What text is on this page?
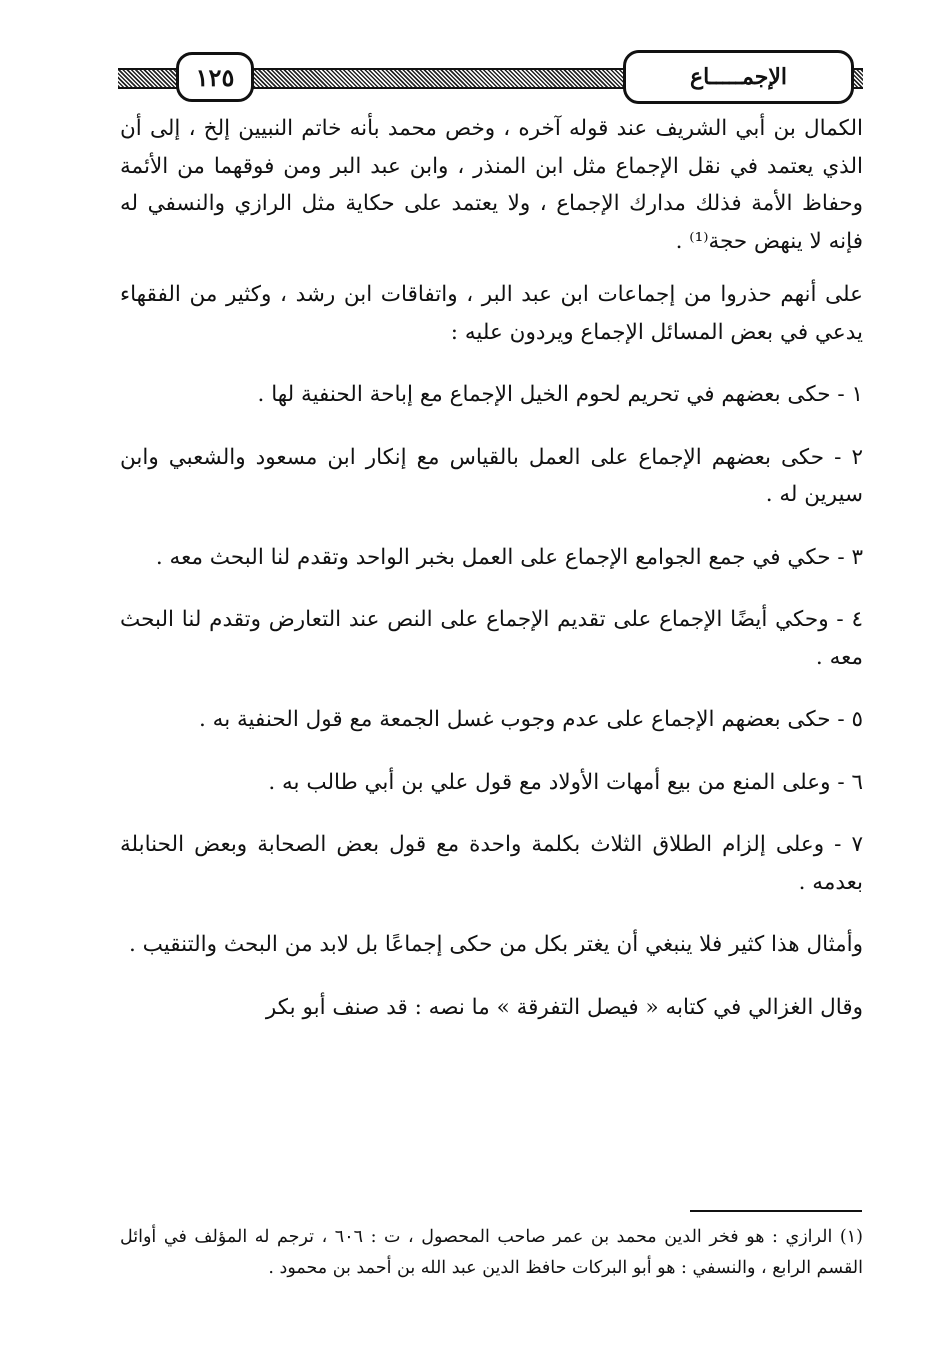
١٢٥	الإجمـــــاع

الكمال بن أبي الشريف عند قوله آخره ، وخص محمد بأنه خاتم النبيين إلخ ، إلى أن الذي يعتمد في نقل الإجماع مثل ابن المنذر ، وابن عبد البر ومن فوقهما من الأئمة وحفاظ الأمة فذلك مدارك الإجماع ، ولا يعتمد على حكاية مثل الرازي والنسفي له فإنه لا ينهض حجة⁽¹⁾ .

على أنهم حذروا من إجماعات ابن عبد البر ، واتفاقات ابن رشد ، وكثير من الفقهاء يدعي في بعض المسائل الإجماع ويردون عليه :

١ - حكى بعضهم في تحريم لحوم الخيل الإجماع مع إباحة الحنفية لها .

٢ - حكى بعضهم الإجماع على العمل بالقياس مع إنكار ابن مسعود والشعبي وابن سيرين له .

٣ - حكي في جمع الجوامع الإجماع على العمل بخبر الواحد وتقدم لنا البحث معه .

٤ - وحكي أيضًا الإجماع على تقديم الإجماع على النص عند التعارض وتقدم لنا البحث معه .

٥ - حكى بعضهم الإجماع على عدم وجوب غسل الجمعة مع قول الحنفية به .

٦ - وعلى المنع من بيع أمهات الأولاد مع قول علي بن أبي طالب به .

٧ - وعلى إلزام الطلاق الثلاث بكلمة واحدة مع قول بعض الصحابة وبعض الحنابلة بعدمه .

وأمثال هذا كثير فلا ينبغي أن يغتر بكل من حكى إجماعًا بل لابد من البحث والتنقيب .

وقال الغزالي في كتابه « فيصل التفرقة » ما نصه : قد صنف أبو بكر

(١) الرازي : هو فخر الدين محمد بن عمر صاحب المحصول ، ت : ٦٠٦ ، ترجم له المؤلف في أوائل القسم الرابع ، والنسفي : هو أبو البركات حافظ الدين عبد الله بن أحمد بن محمود .
